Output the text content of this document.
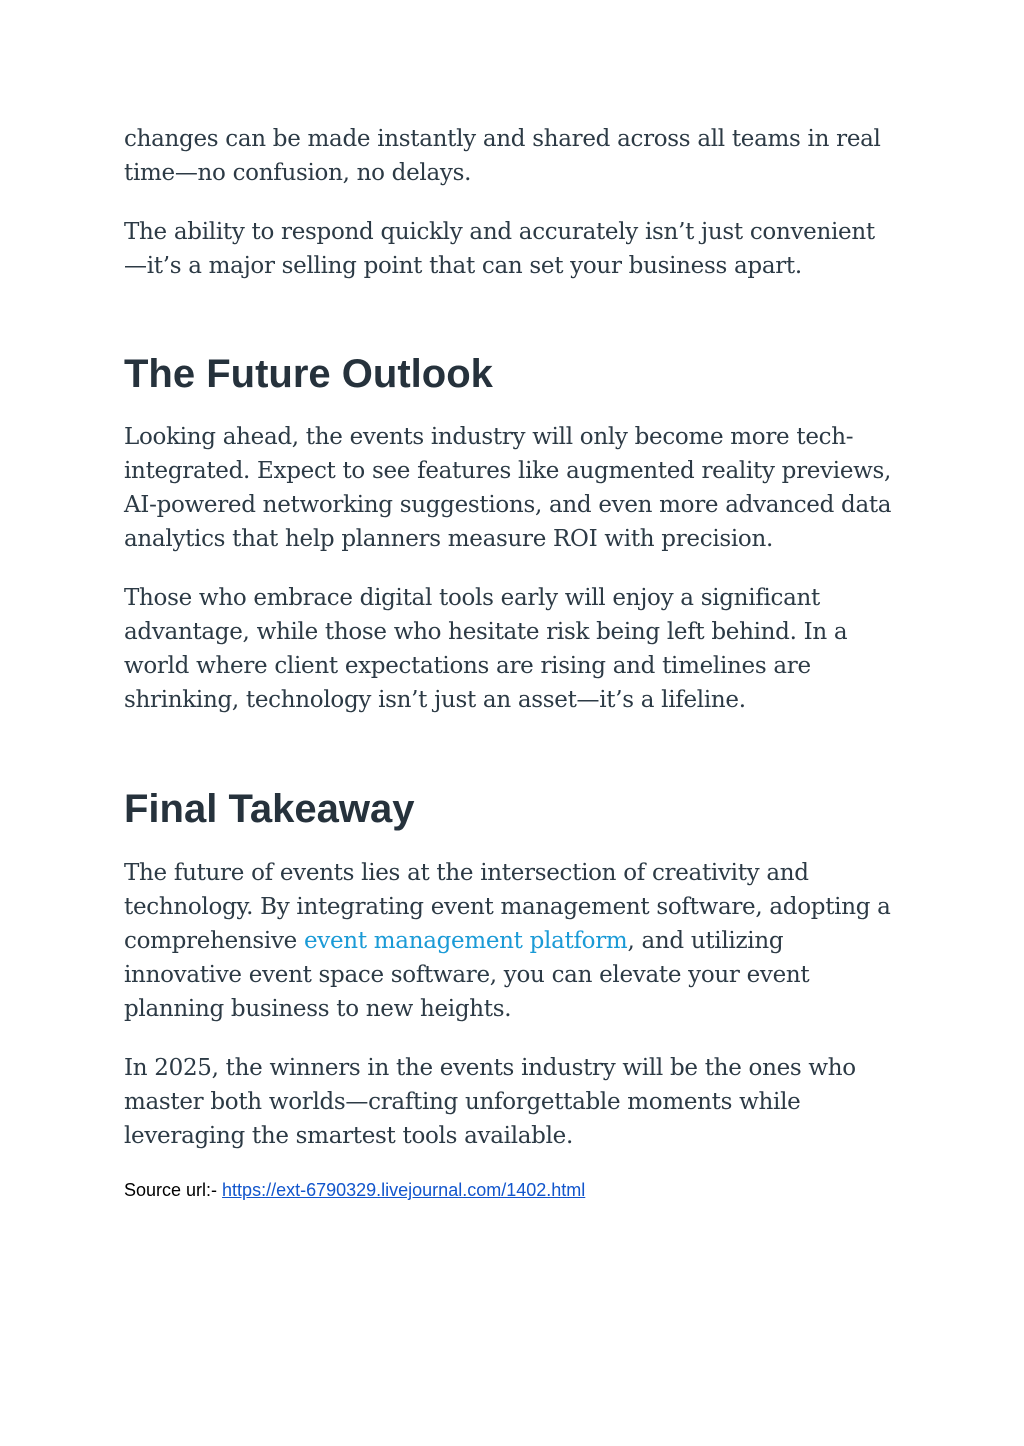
changes can be made instantly and shared across all teams in real time—no confusion, no delays.

The ability to respond quickly and accurately isn’t just convenient—it’s a major selling point that can set your business apart.

The Future Outlook

Looking ahead, the events industry will only become more tech-integrated. Expect to see features like augmented reality previews, AI-powered networking suggestions, and even more advanced data analytics that help planners measure ROI with precision.

Those who embrace digital tools early will enjoy a significant advantage, while those who hesitate risk being left behind. In a world where client expectations are rising and timelines are shrinking, technology isn’t just an asset—it’s a lifeline.

Final Takeaway

The future of events lies at the intersection of creativity and technology. By integrating event management software, adopting a comprehensive event management platform, and utilizing innovative event space software, you can elevate your event planning business to new heights.

In 2025, the winners in the events industry will be the ones who master both worlds—crafting unforgettable moments while leveraging the smartest tools available.

Source url:- https://ext-6790329.livejournal.com/1402.html
